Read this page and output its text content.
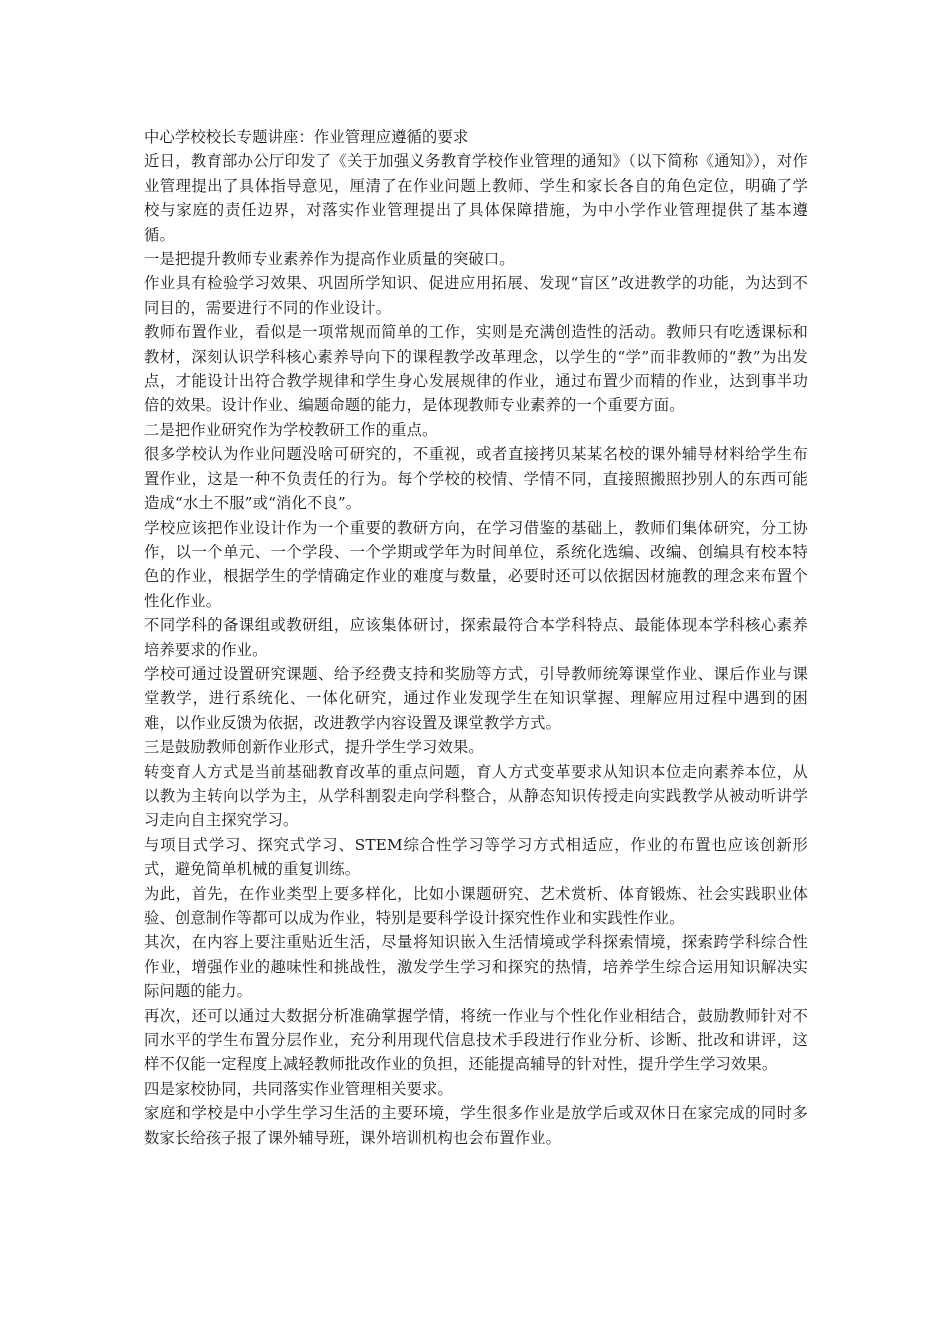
中心学校校长专题讲座：作业管理应遵循的要求

近日，教育部办公厅印发了《关于加强义务教育学校作业管理的通知》（以下简称《通知》），对作业管理提出了具体指导意见，厘清了在作业问题上教师、学生和家长各自的角色定位，明确了学校与家庭的责任边界，对落实作业管理提出了具体保障措施，为中小学作业管理提供了基本遵循。

一是把提升教师专业素养作为提高作业质量的突破口。

作业具有检验学习效果、巩固所学知识、促进应用拓展、发现“盲区”改进教学的功能，为达到不同目的，需要进行不同的作业设计。

教师布置作业，看似是一项常规而简单的工作，实则是充满创造性的活动。教师只有吃透课标和教材，深刻认识学科核心素养导向下的课程教学改革理念，以学生的“学”而非教师的“教”为出发点，才能设计出符合教学规律和学生身心发展规律的作业，通过布置少而精的作业，达到事半功倍的效果。设计作业、编题命题的能力，是体现教师专业素养的一个重要方面。

二是把作业研究作为学校教研工作的重点。

很多学校认为作业问题没啥可研究的，不重视，或者直接拷贝某某名校的课外辅导材料给学生布置作业，这是一种不负责任的行为。每个学校的校情、学情不同，直接照搬照抄别人的东西可能造成“水土不服”或“消化不良”。

学校应该把作业设计作为一个重要的教研方向，在学习借鉴的基础上，教师们集体研究，分工协作，以一个单元、一个学段、一个学期或学年为时间单位，系统化选编、改编、创编具有校本特色的作业，根据学生的学情确定作业的难度与数量，必要时还可以依据因材施教的理念来布置个性化作业。

不同学科的备课组或教研组，应该集体研讨，探索最符合本学科特点、最能体现本学科核心素养培养要求的作业。

学校可通过设置研究课题、给予经费支持和奖励等方式，引导教师统筹课堂作业、课后作业与课堂教学，进行系统化、一体化研究，通过作业发现学生在知识掌握、理解应用过程中遇到的困难，以作业反馈为依据，改进教学内容设置及课堂教学方式。

三是鼓励教师创新作业形式，提升学生学习效果。

转变育人方式是当前基础教育改革的重点问题，育人方式变革要求从知识本位走向素养本位，从以教为主转向以学为主，从学科割裂走向学科整合，从静态知识传授走向实践教学从被动听讲学习走向自主探究学习。

与项目式学习、探究式学习、STEM综合性学习等学习方式相适应，作业的布置也应该创新形式，避免简单机械的重复训练。

为此，首先，在作业类型上要多样化，比如小课题研究、艺术赏析、体育锻炼、社会实践职业体验、创意制作等都可以成为作业，特别是要科学设计探究性作业和实践性作业。

其次，在内容上要注重贴近生活，尽量将知识嵌入生活情境或学科探索情境，探索跨学科综合性作业，增强作业的趣味性和挑战性，激发学生学习和探究的热情，培养学生综合运用知识解决实际问题的能力。

再次，还可以通过大数据分析准确掌握学情，将统一作业与个性化作业相结合，鼓励教师针对不同水平的学生布置分层作业，充分利用现代信息技术手段进行作业分析、诊断、批改和讲评，这样不仅能一定程度上减轻教师批改作业的负担，还能提高辅导的针对性，提升学生学习效果。

四是家校协同，共同落实作业管理相关要求。

家庭和学校是中小学生学习生活的主要环境，学生很多作业是放学后或双休日在家完成的同时多数家长给孩子报了课外辅导班，课外培训机构也会布置作业。
